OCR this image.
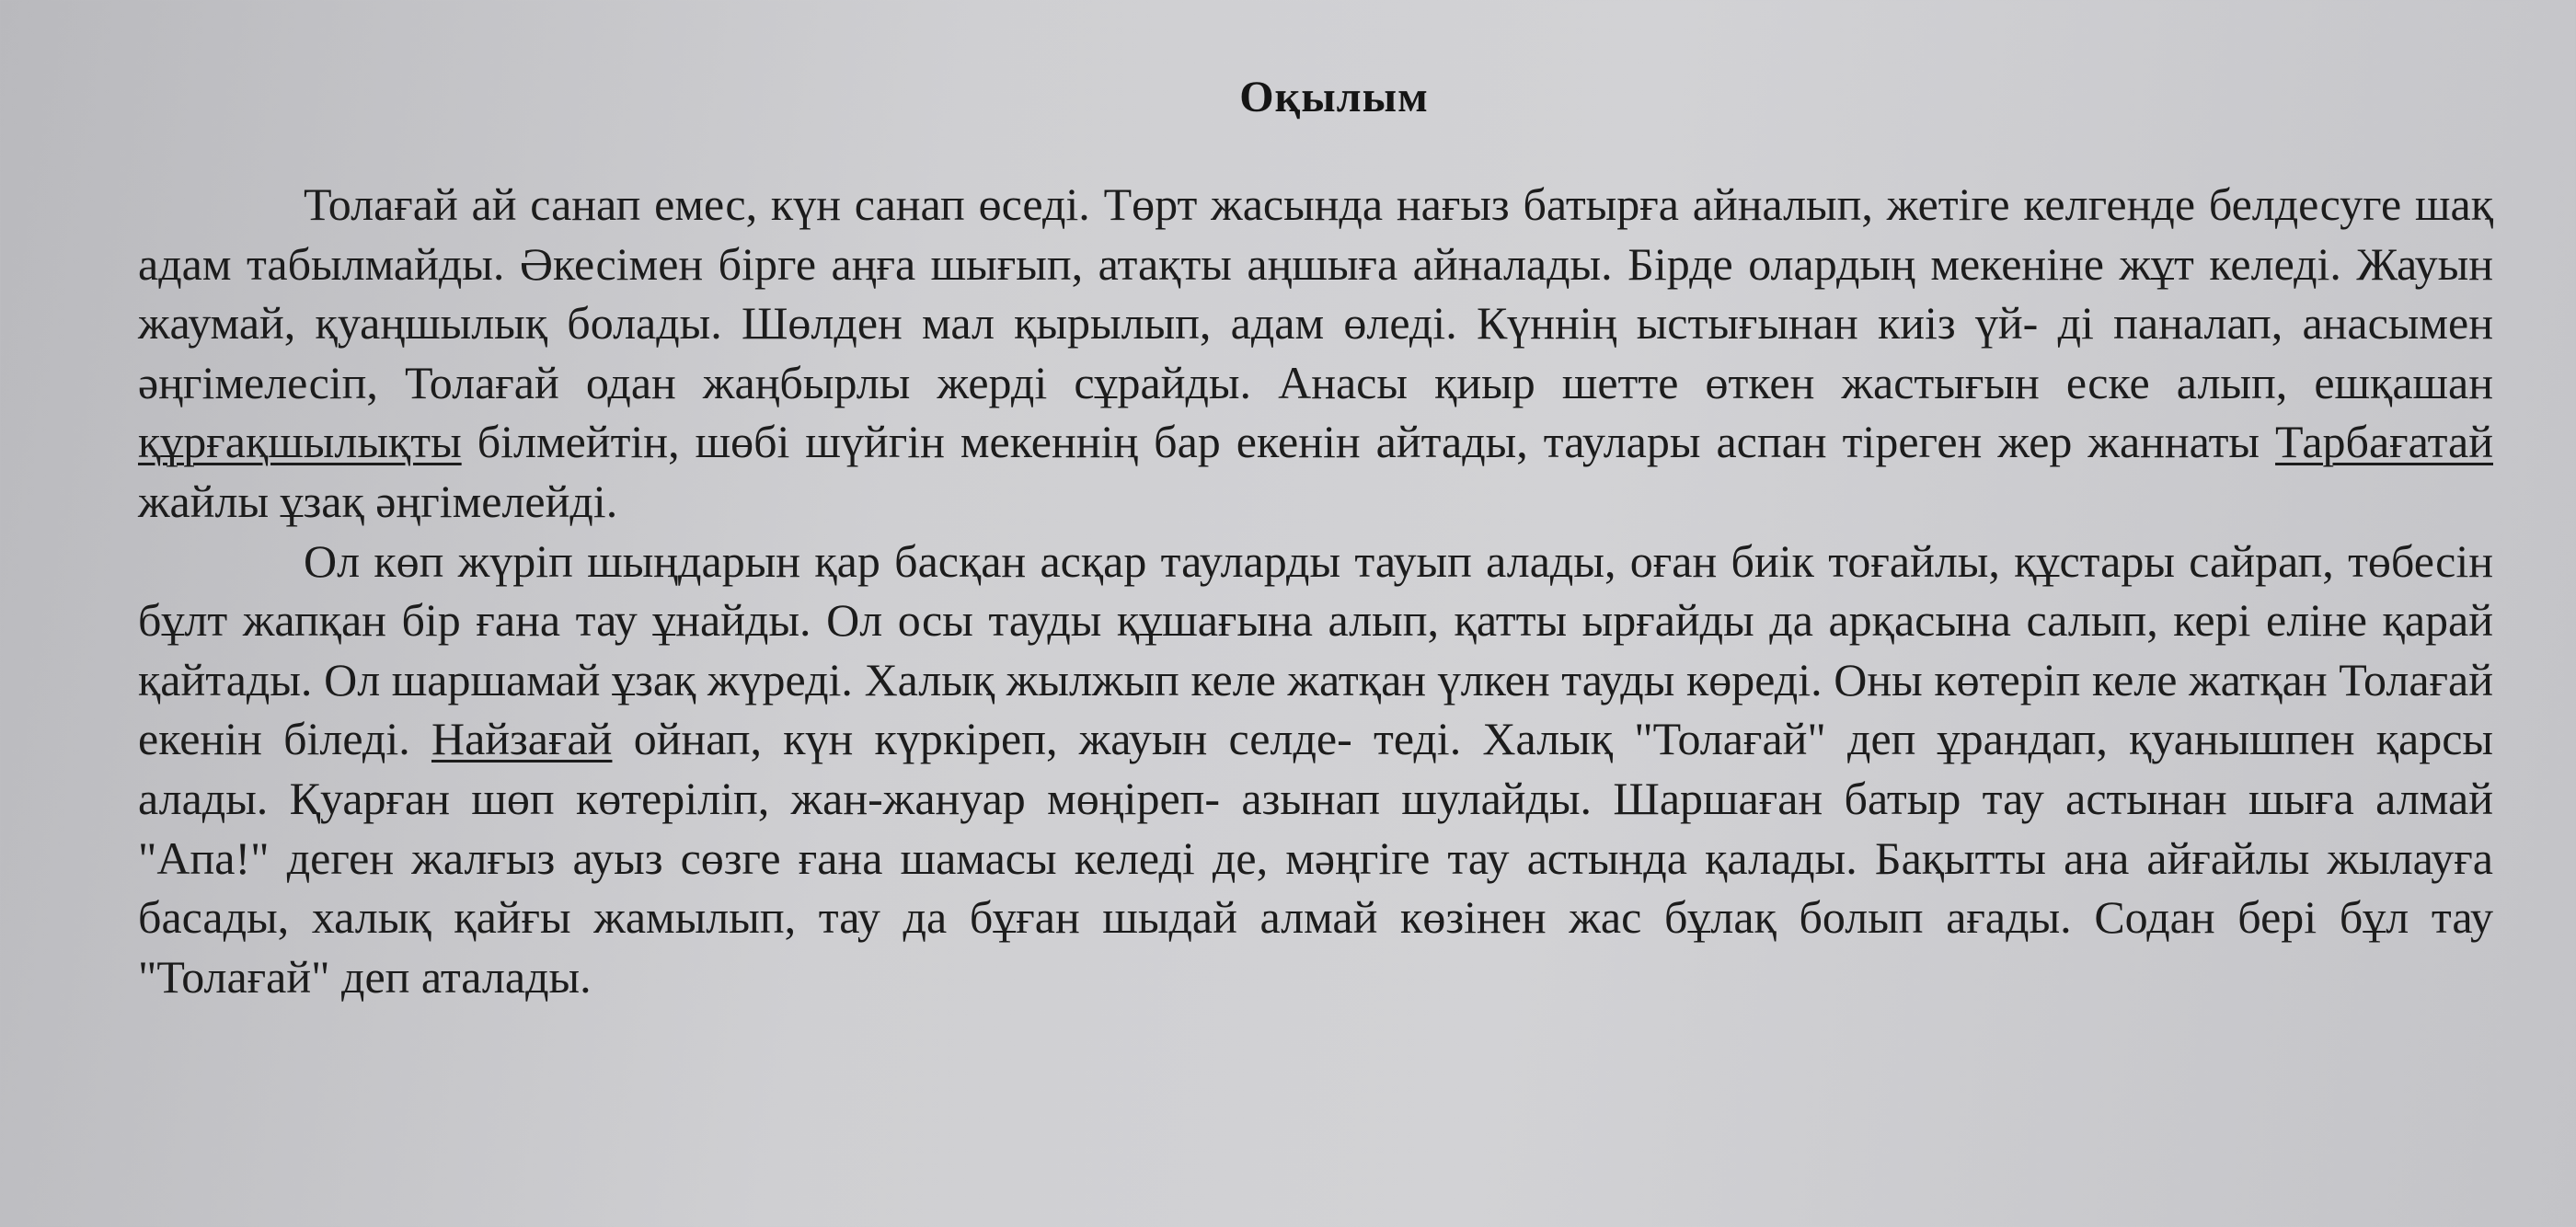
Оқылым

Толағай ай санап емес, күн санап өседі. Төрт жасында нағыз батырға айналып, жетіге келгенде белдесуге шақ адам табылмайды. Әкесімен бірге аңға шығып, атақты аңшыға айналады. Бірде олардың мекеніне жұт келеді. Жауын жаумай, қуаңшылық болады. Шөлден мал қырылып, адам өледі. Күннің ыстығынан киіз үй- ді паналап, анасымен әңгімелесіп, Толағай одан жаңбырлы жерді сұрайды. Анасы қиыр шетте өткен жастығын еске алып, ешқашан құрғақшылықты білмейтін, шөбі шүйгін мекеннің бар екенін айтады, таулары аспан тіреген жер жаннаты Тарбағатай жайлы ұзақ әңгімелейді.

Ол көп жүріп шыңдарын қар басқан асқар тауларды тауып алады, оған биік тоғайлы, құстары сайрап, төбесін бұлт жапқан бір ғана тау ұнайды. Ол осы тауды құшағына алып, қатты ырғайды да арқасына салып, кері еліне қарай қайтады. Ол шаршамай ұзақ жүреді. Халық жылжып келе жатқан үлкен тауды көреді. Оны көтеріп келе жатқан Толағай екенін біледі. Найзағай ойнап, күн күркіреп, жауын селде- теді. Халық "Толағай" деп ұрандап, қуанышпен қарсы алады. Қуарған шөп көтеріліп, жан-жануар мөңіреп- азынап шулайды. Шаршаған батыр тау астынан шыға алмай "Апа!" деген жалғыз ауыз сөзге ғана шамасы келеді де, мәңгіге тау астында қалады. Бақытты ана айғайлы жылауға басады, халық қайғы жамылып, тау да бұған шыдай алмай көзінен жас бұлақ болып ағады. Содан бері бұл тау "Толағай" деп аталады.
